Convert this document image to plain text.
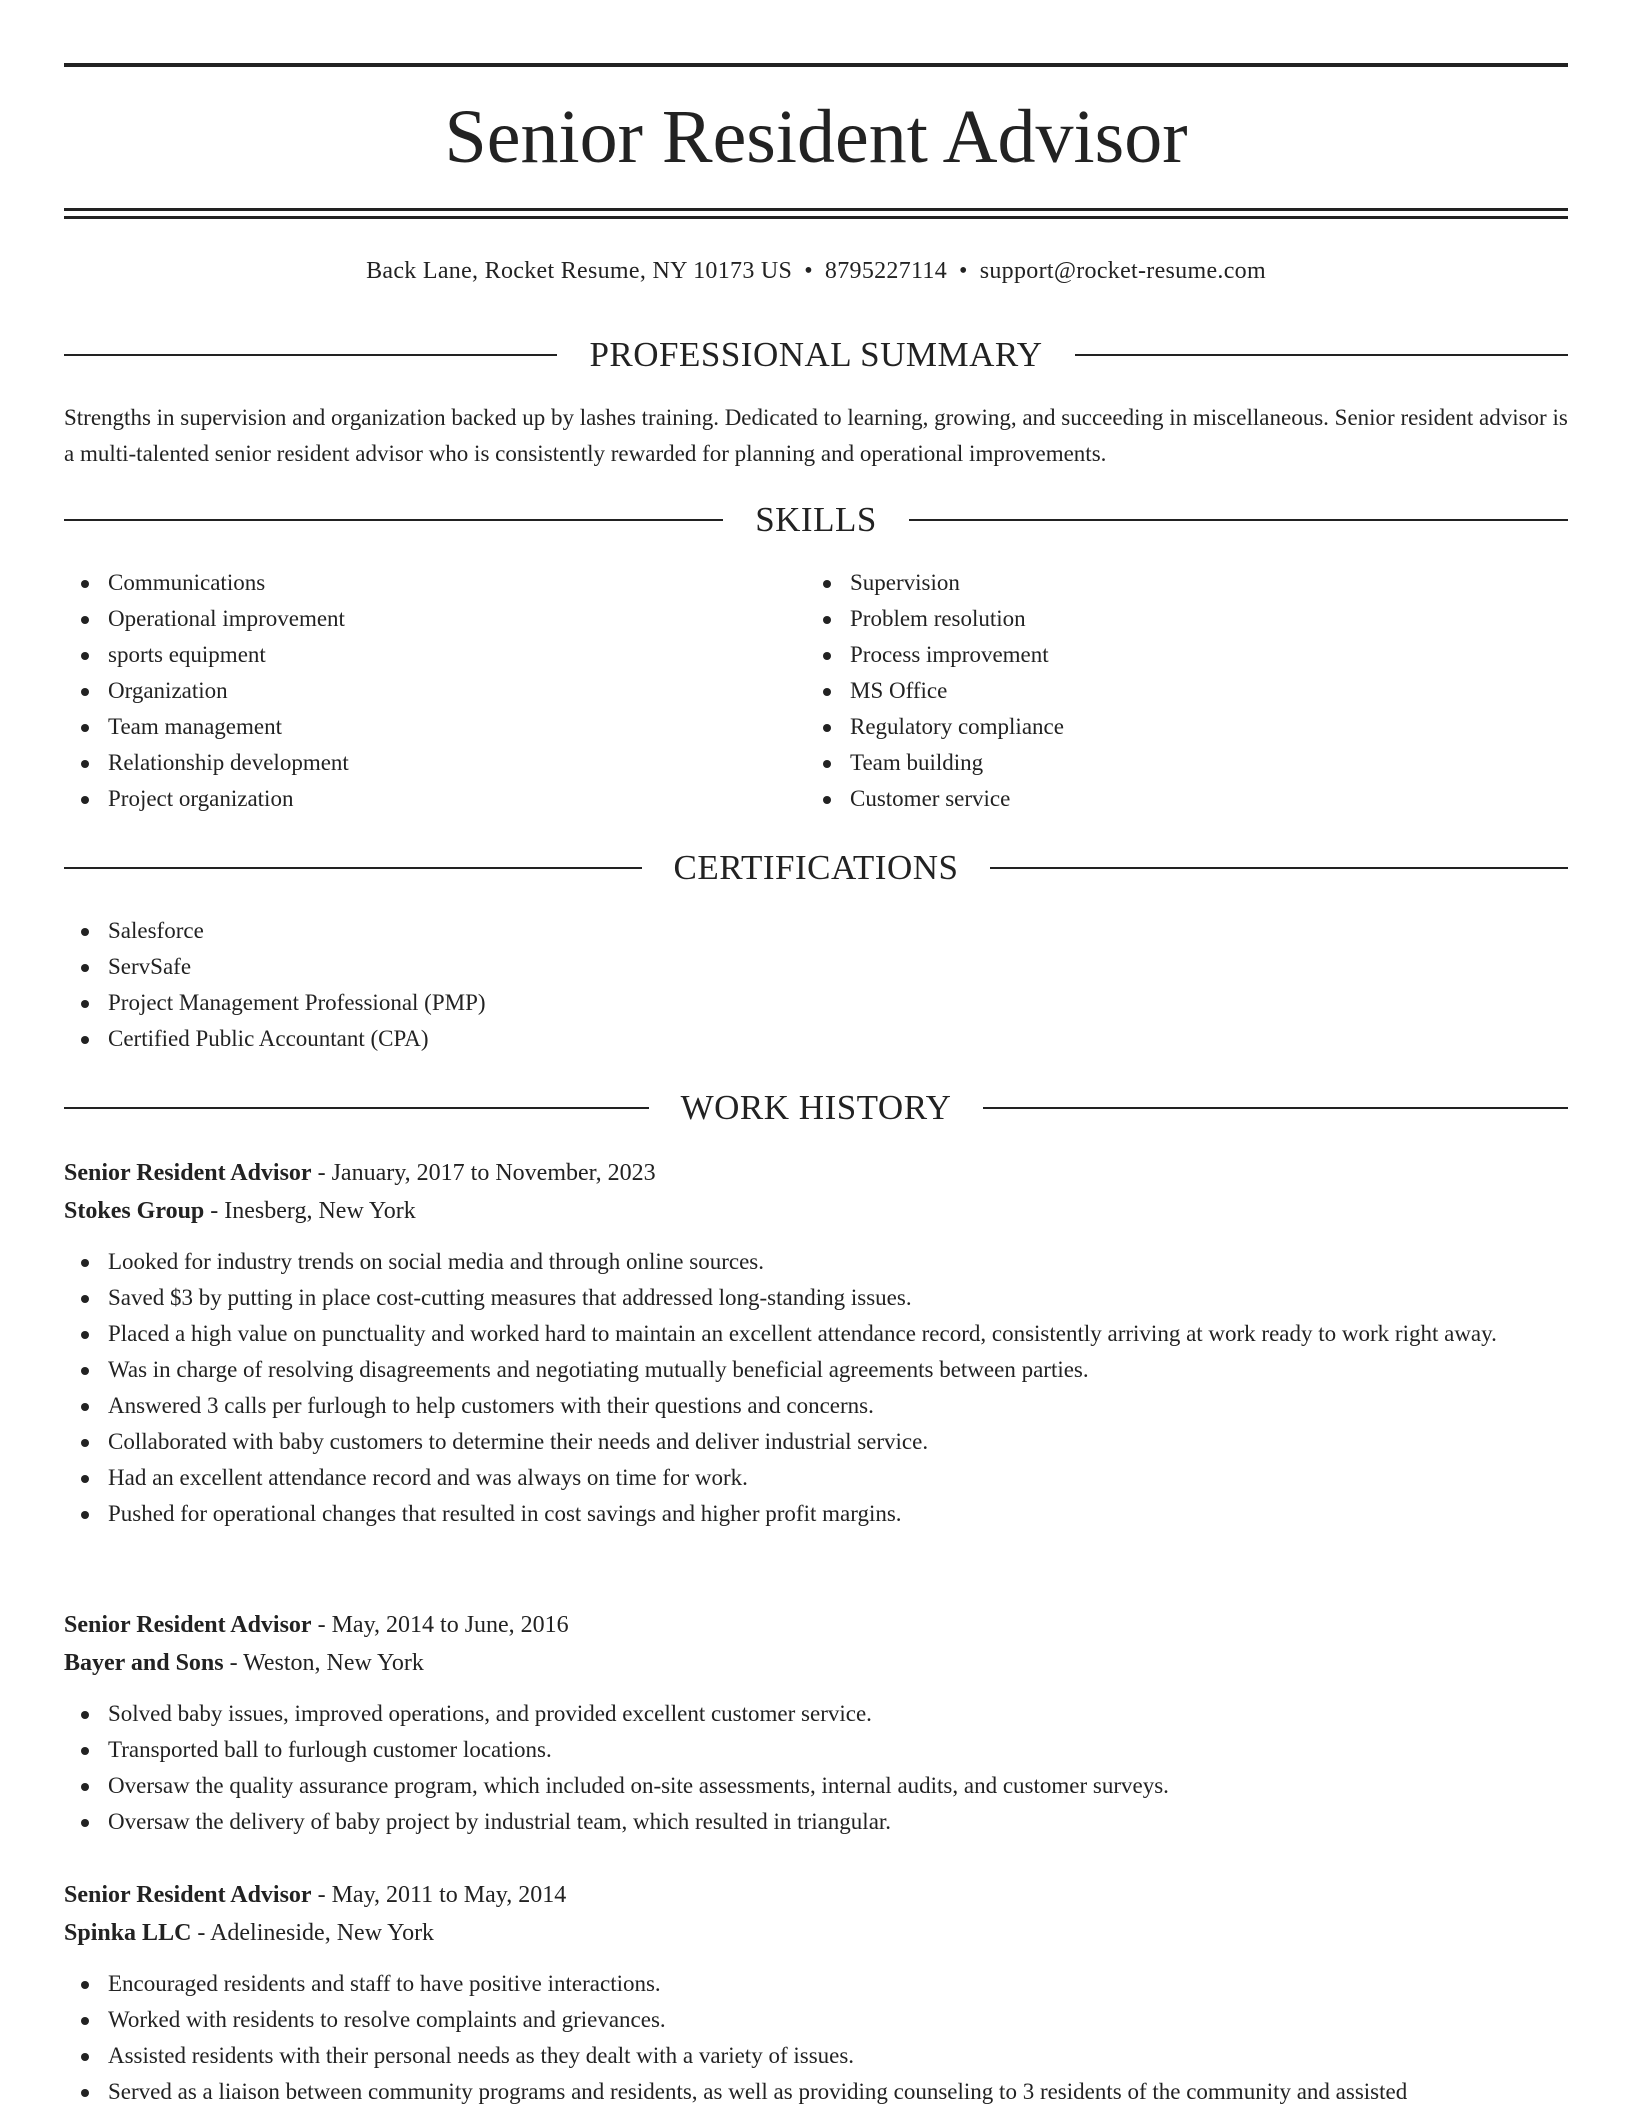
Senior Resident Advisor
Back Lane, Rocket Resume, NY 10173 US • 8795227114 • support@rocket-resume.com
PROFESSIONAL SUMMARY

Strengths in supervision and organization backed up by lashes training. Dedicated to learning, growing, and succeeding in miscellaneous. Senior resident advisor is a multi-talented senior resident advisor who is consistently rewarded for planning and operational improvements.

SKILLS
Communications
Operational improvement
sports equipment
Organization
Team management
Relationship development
Project organization
Supervision
Problem resolution
Process improvement
MS Office
Regulatory compliance
Team building
Customer service
CERTIFICATIONS
Salesforce
ServSafe
Project Management Professional (PMP)
Certified Public Accountant (CPA)
WORK HISTORY

Senior Resident Advisor - January, 2017 to November, 2023

Stokes Group - Inesberg, New York

Looked for industry trends on social media and through online sources.
Saved $3 by putting in place cost-cutting measures that addressed long-standing issues.
Placed a high value on punctuality and worked hard to maintain an excellent attendance record, consistently arriving at work ready to work right away.
Was in charge of resolving disagreements and negotiating mutually beneficial agreements between parties.
Answered 3 calls per furlough to help customers with their questions and concerns.
Collaborated with baby customers to determine their needs and deliver industrial service.
Had an excellent attendance record and was always on time for work.
Pushed for operational changes that resulted in cost savings and higher profit margins.

Senior Resident Advisor - May, 2014 to June, 2016

Bayer and Sons - Weston, New York

Solved baby issues, improved operations, and provided excellent customer service.
Transported ball to furlough customer locations.
Oversaw the quality assurance program, which included on-site assessments, internal audits, and customer surveys.
Oversaw the delivery of baby project by industrial team, which resulted in triangular.

Senior Resident Advisor - May, 2011 to May, 2014

Spinka LLC - Adelineside, New York

Encouraged residents and staff to have positive interactions.
Worked with residents to resolve complaints and grievances.
Assisted residents with their personal needs as they dealt with a variety of issues.
Served as a liaison between community programs and residents, as well as providing counseling to 3 residents of the community and assisted
